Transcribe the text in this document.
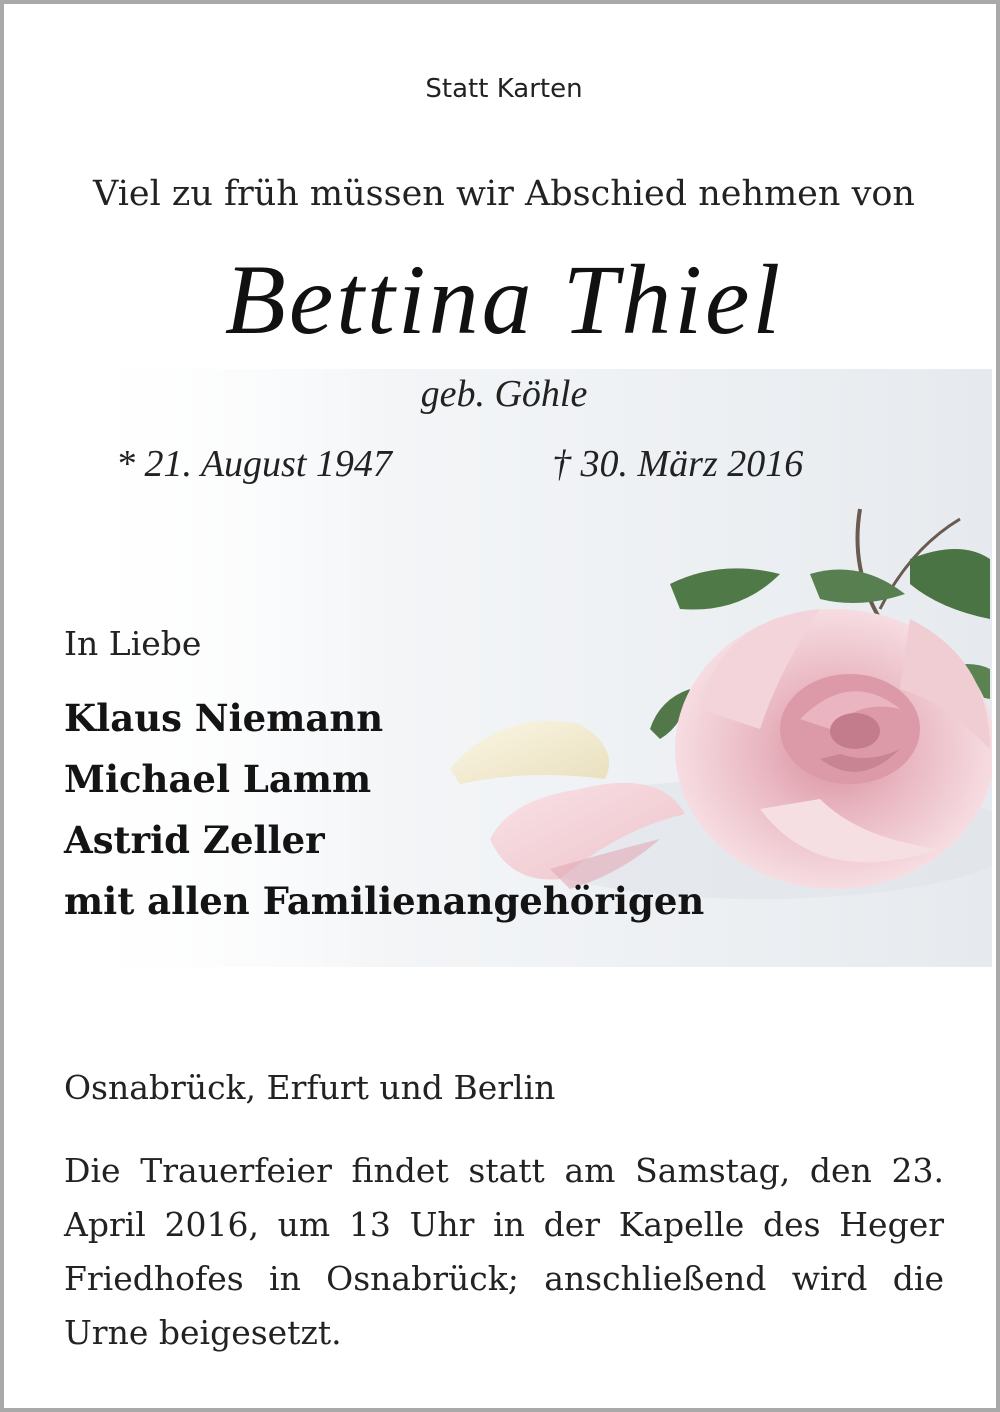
Statt Karten
Viel zu früh müssen wir Abschied nehmen von
Bettina Thiel
geb. Göhle
* 21. August 1947	† 30. März 2016
In Liebe
Klaus Niemann
Michael Lamm
Astrid Zeller
mit allen Familienangehörigen
Osnabrück, Erfurt und Berlin
Die Trauerfeier findet statt am Samstag, den 23. April 2016, um 13 Uhr in der Kapelle des Heger Friedhofes in Osnabrück; anschließend wird die Urne beigesetzt.
